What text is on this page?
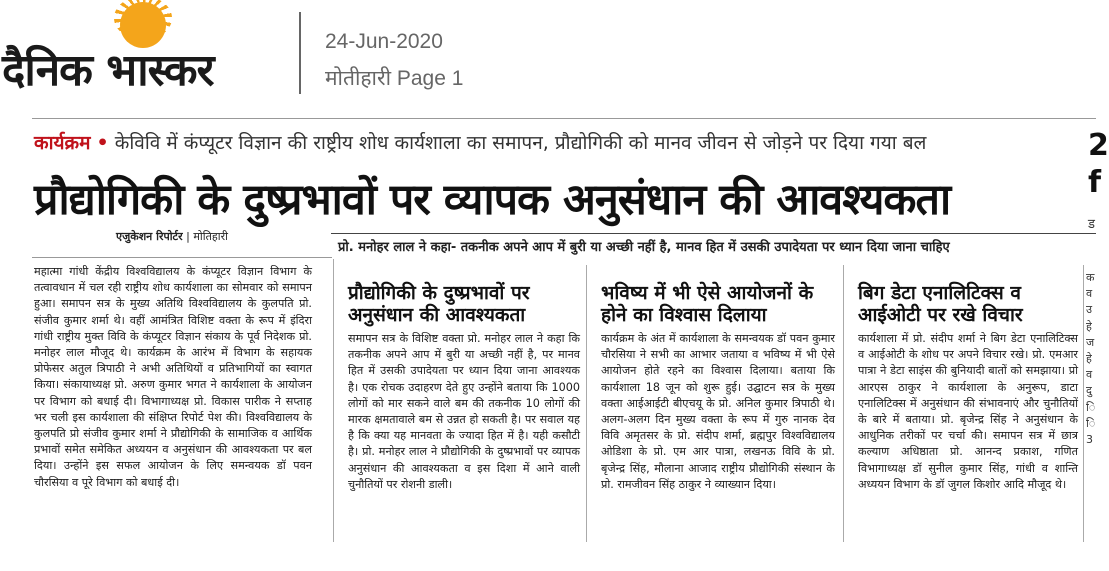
दैनिक भास्कर
24-Jun-2020
मोतीहारी Page 1
कार्यक्रम • केविवि में कंप्यूटर विज्ञान की राष्ट्रीय शोध कार्यशाला का समापन, प्रौद्योगिकी को मानव जीवन से जोड़ने पर दिया गया बल
प्रौद्योगिकी के दुष्प्रभावों पर व्यापक अनुसंधान की आवश्यकता
एजुकेशन रिपोर्टर | मोतिहारी
प्रो. मनोहर लाल ने कहा- तकनीक अपने आप में बुरी या अच्छी नहीं है, मानव हित में उसकी उपादेयता पर ध्यान दिया जाना चाहिए
महात्मा गांधी केंद्रीय विश्वविद्यालय के कंप्यूटर विज्ञान विभाग के तत्वावधान में चल रही राष्ट्रीय शोध कार्यशाला का सोमवार को समापन हुआ। समापन सत्र के मुख्य अतिथि विश्वविद्यालय के कुलपति प्रो. संजीव कुमार शर्मा थे। वहीं आमंत्रित विशिष्ट वक्ता के रूप में इंदिरा गांधी राष्ट्रीय मुक्त विवि के कंप्यूटर विज्ञान संकाय के पूर्व निदेशक प्रो. मनोहर लाल मौजूद थे। कार्यक्रम के आरंभ में विभाग के सहायक प्रोफेसर अतुल त्रिपाठी ने अभी अतिथियों व प्रतिभागियों का स्वागत किया। संकायाध्यक्ष प्रो. अरुण कुमार भगत ने कार्यशाला के आयोजन पर विभाग को बधाई दी। विभागाध्यक्ष प्रो. विकास पारीक ने सप्ताह भर चली इस कार्यशाला की संक्षिप्त रिपोर्ट पेश की। विश्वविद्यालय के कुलपति प्रो संजीव कुमार शर्मा ने प्रौद्योगिकी के सामाजिक व आर्थिक प्रभावों समेत समेकित अध्ययन व अनुसंधान की आवश्यकता पर बल दिया। उन्होंने इस सफल आयोजन के लिए समन्वयक डॉ पवन चौरसिया व पूरे विभाग को बधाई दी।
प्रौद्योगिकी के दुष्प्रभावों पर अनुसंधान की आवश्यकता
समापन सत्र के विशिष्ट वक्ता प्रो. मनोहर लाल ने कहा कि तकनीक अपने आप में बुरी या अच्छी नहीं है, पर मानव हित में उसकी उपादेयता पर ध्यान दिया जाना आवश्यक है। एक रोचक उदाहरण देते हुए उन्होंने बताया कि 1000 लोगों को मार सकने वाले बम की तकनीक 10 लोगों की मारक क्षमतावाले बम से उन्नत हो सकती है। पर सवाल यह है कि क्या यह मानवता के ज्यादा हित में है। यही कसौटी है। प्रो. मनोहर लाल ने प्रौद्योगिकी के दुष्प्रभावों पर व्यापक अनुसंधान की आवश्यकता व इस दिशा में आने वाली चुनौतियों पर रोशनी डाली।
भविष्य में भी ऐसे आयोजनों के होने का विश्वास दिलाया
कार्यक्रम के अंत में कार्यशाला के समन्वयक डॉ पवन कुमार चौरसिया ने सभी का आभार जताया व भविष्य में भी ऐसे आयोजन होते रहने का विश्वास दिलाया। बताया कि कार्यशाला 18 जून को शुरू हुई। उद्घाटन सत्र के मुख्य वक्ता आईआईटी बीएचयू के प्रो. अनिल कुमार त्रिपाठी थे। अलग-अलग दिन मुख्य वक्ता के रूप में गुरु नानक देव विवि अमृतसर के प्रो. संदीप शर्मा, ब्रह्मपुर विश्वविद्यालय ओडिशा के प्रो. एम आर पात्रा, लखनऊ विवि के प्रो. बृजेन्द्र सिंह, मौलाना आजाद राष्ट्रीय प्रौद्योगिकी संस्थान के प्रो. रामजीवन सिंह ठाकुर ने व्याख्यान दिया।
बिग डेटा एनालिटिक्स व आईओटी पर रखे विचार
कार्यशाला में प्रो. संदीप शर्मा ने बिग डेटा एनालिटिक्स व आईओटी के शोध पर अपने विचार रखे। प्रो. एमआर पात्रा ने डेटा साइंस की बुनियादी बातों को समझाया। प्रो आरएस ठाकुर ने कार्यशाला के अनुरूप, डाटा एनालिटिक्स में अनुसंधान की संभावनाएं और चुनौतियों के बारे में बताया। प्रो. बृजेन्द्र सिंह ने अनुसंधान के आधुनिक तरीकों पर चर्चा की। समापन सत्र में छात्र कल्याण अधिष्ठाता प्रो. आनन्द प्रकाश, गणित विभागाध्यक्ष डॉ सुनील कुमार सिंह, गांधी व शान्ति अध्ययन विभाग के डॉ जुगल किशोर आदि मौजूद थे।
2
f
ड
क व उ हे ज हे व दु ि ि 3
